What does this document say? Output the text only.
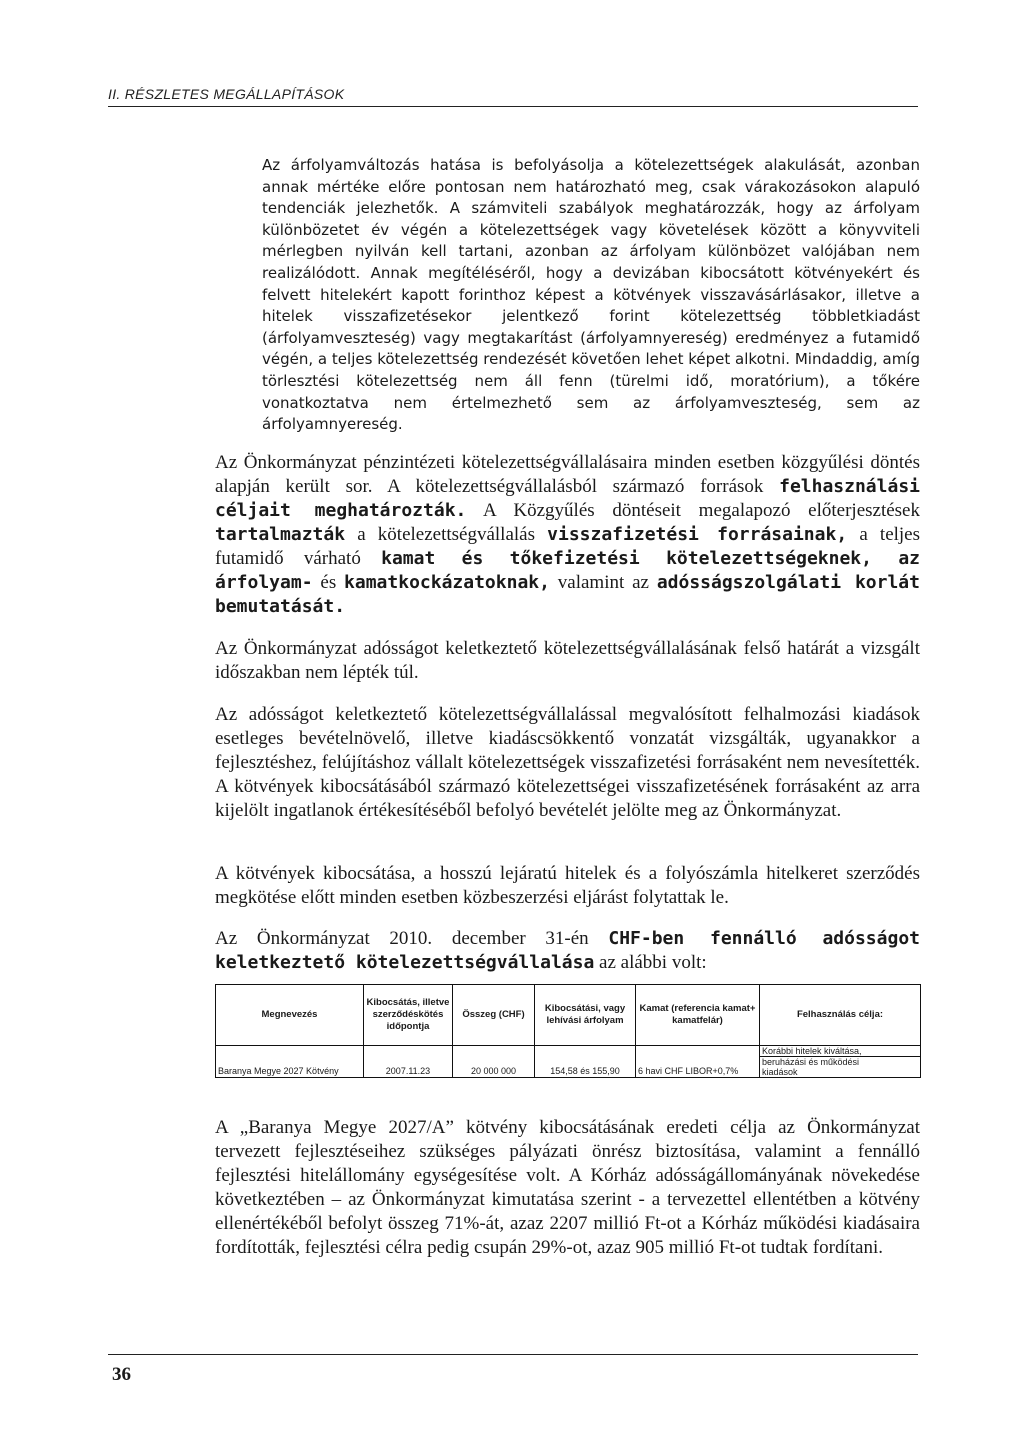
II. RÉSZLETES MEGÁLLAPÍTÁSOK

Az árfolyamváltozás hatása is befolyásolja a kötelezettségek alakulását, azonban annak mértéke előre pontosan nem határozható meg, csak várakozásokon alapuló tendenciák jelezhetők. A számviteli szabályok meghatározzák, hogy az árfolyam különbözetet év végén a kötelezettségek vagy követelések között a könyvviteli mérlegben nyilván kell tartani, azonban az árfolyam különbözet valójában nem realizálódott. Annak megítéléséről, hogy a devizában kibocsátott kötvényekért és felvett hitelekért kapott forinthoz képest a kötvények visszavásárlásakor, illetve a hitelek visszafizetésekor jelentkező forint kötelezettség többletkiadást (árfolyamveszteség) vagy megtakarítást (árfolyamnyereség) eredményez a futamidő végén, a teljes kötelezettség rendezését követően lehet képet alkotni. Mindaddig, amíg törlesztési kötelezettség nem áll fenn (türelmi idő, moratórium), a tőkére vonatkoztatva nem értelmezhető sem az árfolyamveszteség, sem az árfolyamnyereség.

Az Önkormányzat pénzintézeti kötelezettségvállalásaira minden esetben közgyűlési döntés alapján került sor. A kötelezettségvállalásból származó források felhasználási céljait meghatározták. A Közgyűlés döntéseit megalapozó előterjesztések tartalmazták a kötelezettségvállalás visszafizetési forrásainak, a teljes futamidő várható kamat és tőkefizetési kötelezettségeknek, az árfolyam- és kamatkockázatoknak, valamint az adósságszolgálati korlát bemutatását.

Az Önkormányzat adósságot keletkeztető kötelezettségvállalásának felső határát a vizsgált időszakban nem lépték túl.

Az adósságot keletkeztető kötelezettségvállalással megvalósított felhalmozási kiadások esetleges bevételnövelő, illetve kiadáscsökkentő vonzatát vizsgálták, ugyanakkor a fejlesztéshez, felújításhoz vállalt kötelezettségek visszafizetési forrásaként nem nevesítették. A kötvények kibocsátásából származó kötelezettségei visszafizetésének forrásaként az arra kijelölt ingatlanok értékesítéséből befolyó bevételét jelölte meg az Önkormányzat.

A kötvények kibocsátása, a hosszú lejáratú hitelek és a folyószámla hitelkeret szerződés megkötése előtt minden esetben közbeszerzési eljárást folytattak le.

Az Önkormányzat 2010. december 31-én CHF-ben fennálló adósságot keletkeztető kötelezettségvállalása az alábbi volt:

Megnevezés	Kibocsátás, illetve szerződéskötés időpontja	Összeg (CHF)	Kibocsátási, vagy lehívási árfolyam	Kamat (referencia kamat+ kamatfelár)	Felhasználás célja:
Baranya Megye 2027 Kötvény	2007.11.23	20 000 000	154,58 és 155,90	6 havi CHF LIBOR+0,7%	Korábbi hitelek kiváltása,
beruházási és működési
kiadások

A „Baranya Megye 2027/A” kötvény kibocsátásának eredeti célja az Önkormányzat tervezett fejlesztéseihez szükséges pályázati önrész biztosítása, valamint a fennálló fejlesztési hitelállomány egységesítése volt. A Kórház adósságállományának növekedése következtében – az Önkormányzat kimutatása szerint - a tervezettel ellentétben a kötvény ellenértékéből befolyt összeg 71%-át, azaz 2207 millió Ft-ot a Kórház működési kiadásaira fordították, fejlesztési célra pedig csupán 29%-ot, azaz 905 millió Ft-ot tudtak fordítani.

36
